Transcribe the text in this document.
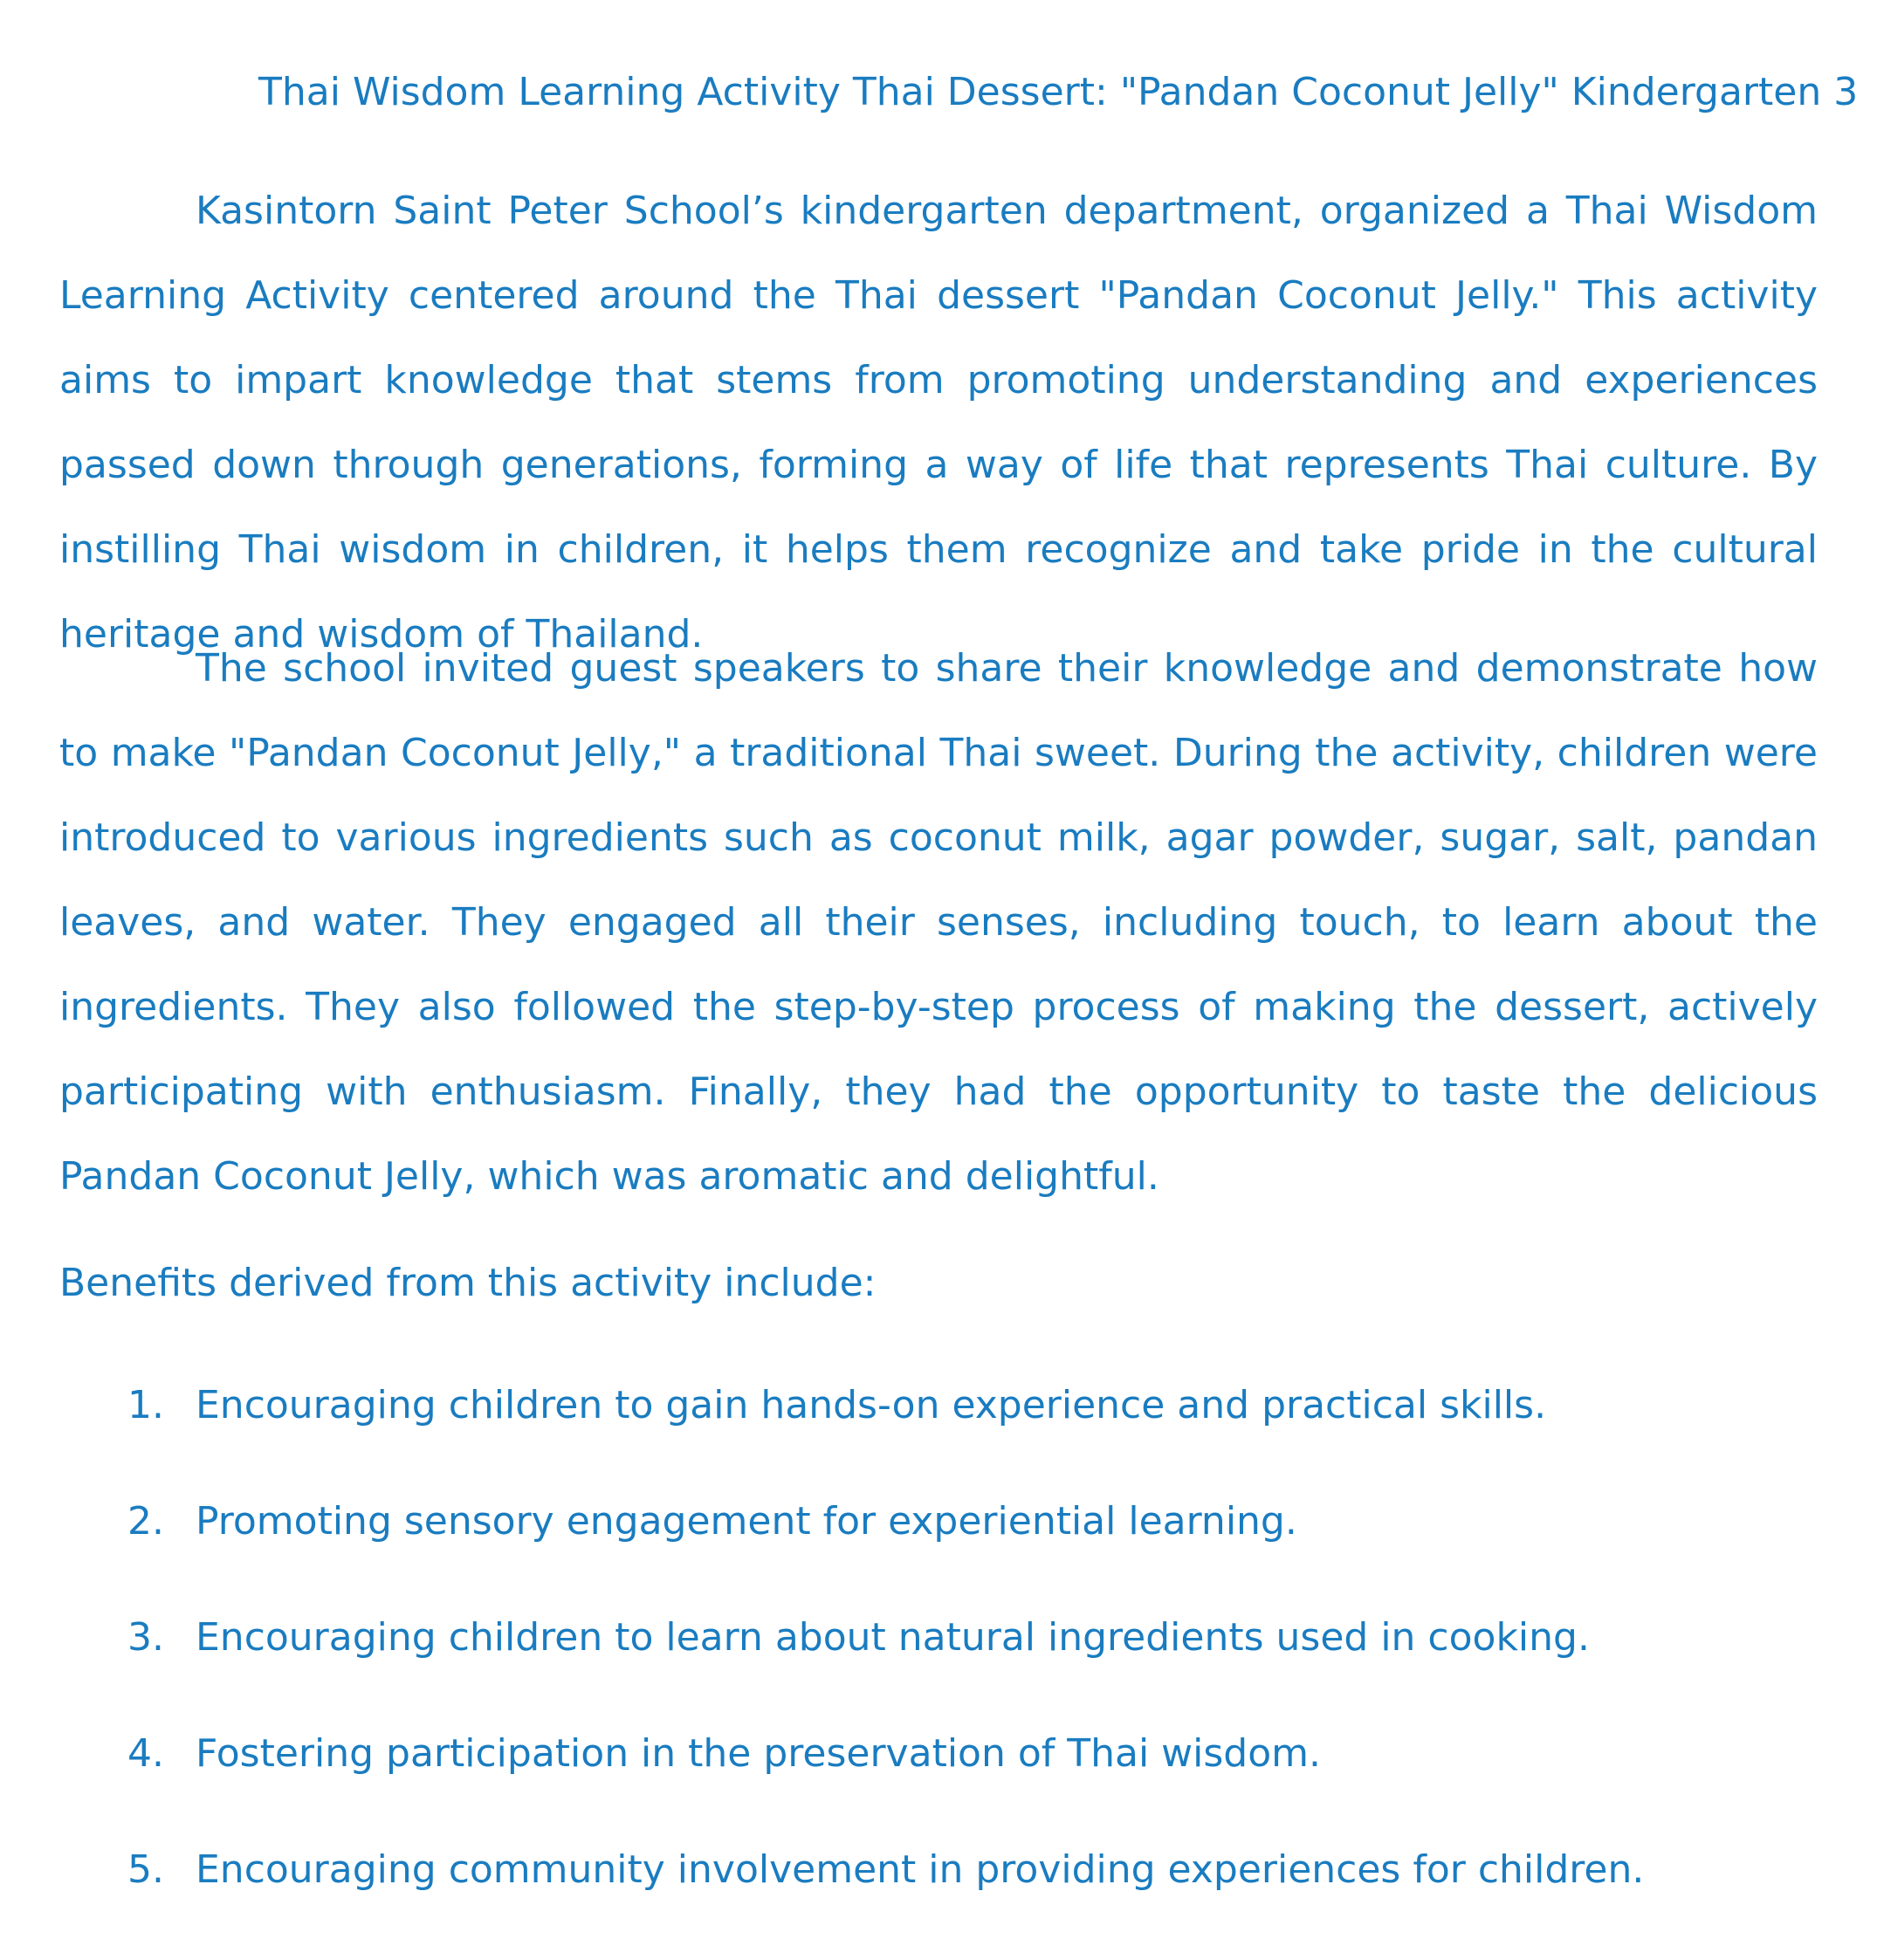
Thai Wisdom Learning Activity Thai Dessert: "Pandan Coconut Jelly" Kindergarten 3

Kasintorn Saint Peter School’s kindergarten department, organized a Thai Wisdom Learning Activity centered around the Thai dessert "Pandan Coconut Jelly." This activity aims to impart knowledge that stems from promoting understanding and experiences passed down through generations, forming a way of life that represents Thai culture. By instilling Thai wisdom in children, it helps them recognize and take pride in the cultural heritage and wisdom of Thailand.

The school invited guest speakers to share their knowledge and demonstrate how to make "Pandan Coconut Jelly," a traditional Thai sweet. During the activity, children were introduced to various ingredients such as coconut milk, agar powder, sugar, salt, pandan leaves, and water. They engaged all their senses, including touch, to learn about the ingredients. They also followed the step-by-step process of making the dessert, actively participating with enthusiasm. Finally, they had the opportunity to taste the delicious Pandan Coconut Jelly, which was aromatic and delightful.

Benefits derived from this activity include:

1. Encouraging children to gain hands-on experience and practical skills.
2. Promoting sensory engagement for experiential learning.
3. Encouraging children to learn about natural ingredients used in cooking.
4. Fostering participation in the preservation of Thai wisdom.
5. Encouraging community involvement in providing experiences for children.
